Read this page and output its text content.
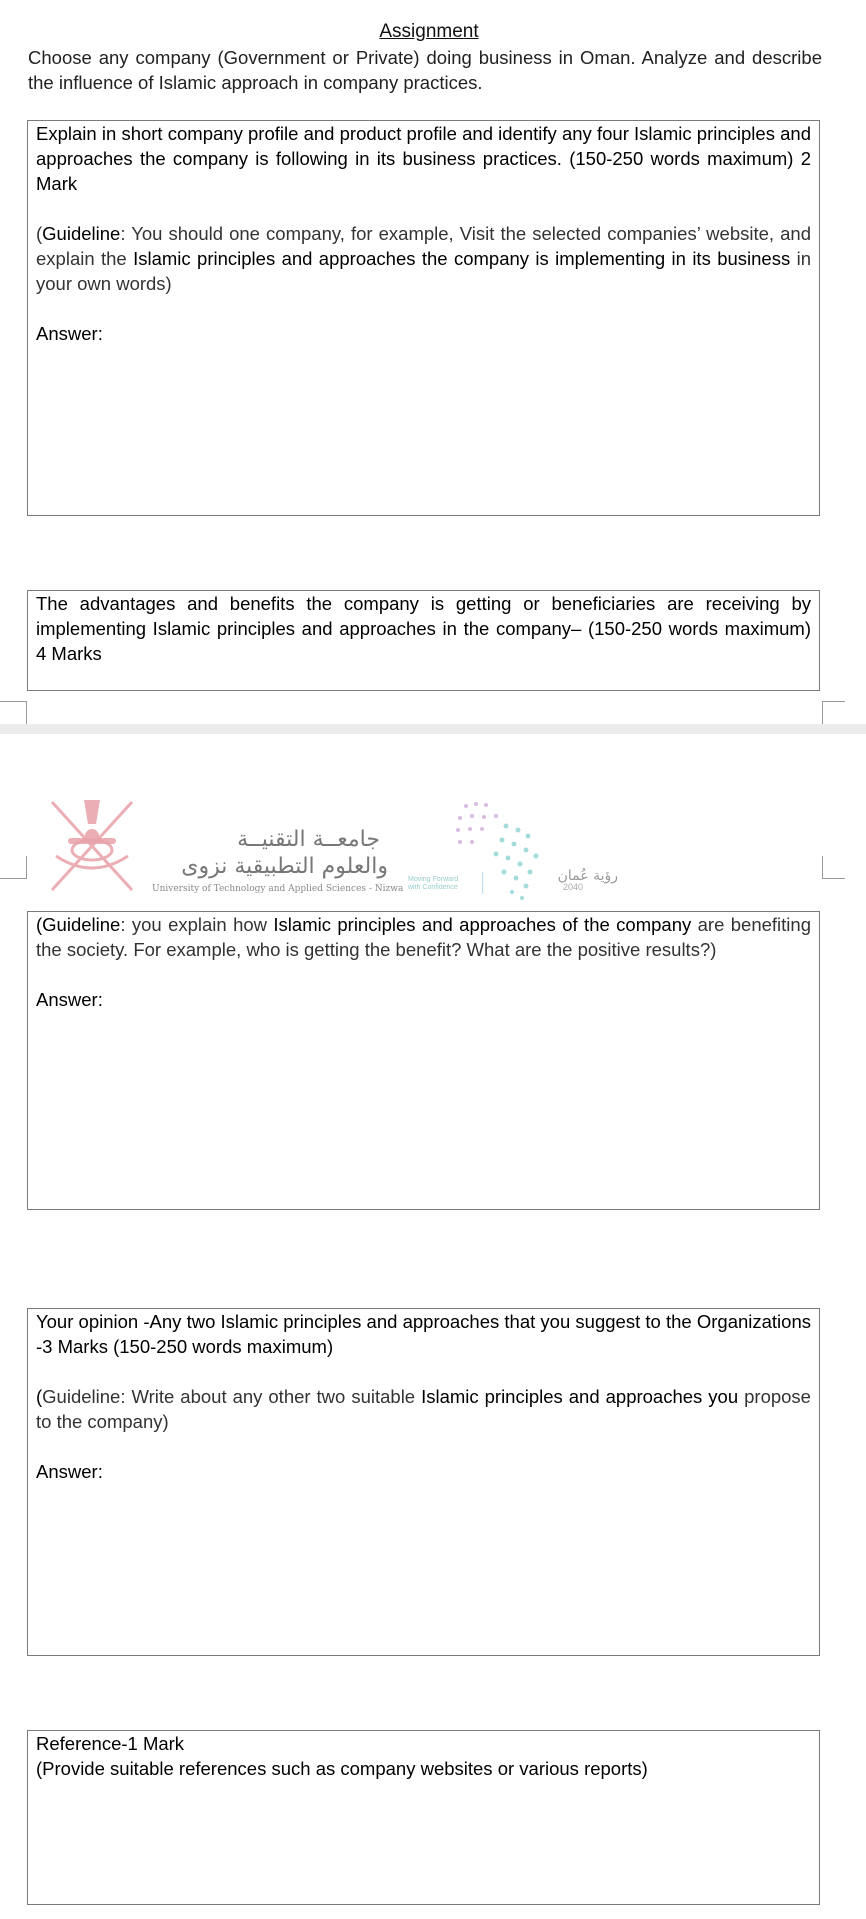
Assignment
Choose any company (Government or Private) doing business in Oman. Analyze and describe the influence of Islamic approach in company practices.

Explain in short company profile and product profile and identify any four Islamic principles and approaches the company is following in its business practices. (150-250 words maximum) 2 Mark

(Guideline: You should one company, for example, Visit the selected companies’ website, and explain the Islamic principles and approaches the company is implementing in its business in your own words)

Answer:

The advantages and benefits the company is getting or beneficiaries are receiving by implementing Islamic principles and approaches in the company– (150-250 words maximum) 4 Marks

جامعــة التقنيــة
والعلوم التطبيقية نزوى
University of Technology and Applied Sciences - Nizwa
Moving Forward
with Confidence
رؤية عُمان
2040

(Guideline: you explain how Islamic principles and approaches of the company are benefiting the society. For example, who is getting the benefit? What are the positive results?)

Answer:

Your opinion -Any two Islamic principles and approaches that you suggest to the Organizations -3 Marks (150-250 words maximum)

(Guideline: Write about any other two suitable Islamic principles and approaches you propose to the company)

Answer:

Reference-1 Mark

(Provide suitable references such as company websites or various reports)
